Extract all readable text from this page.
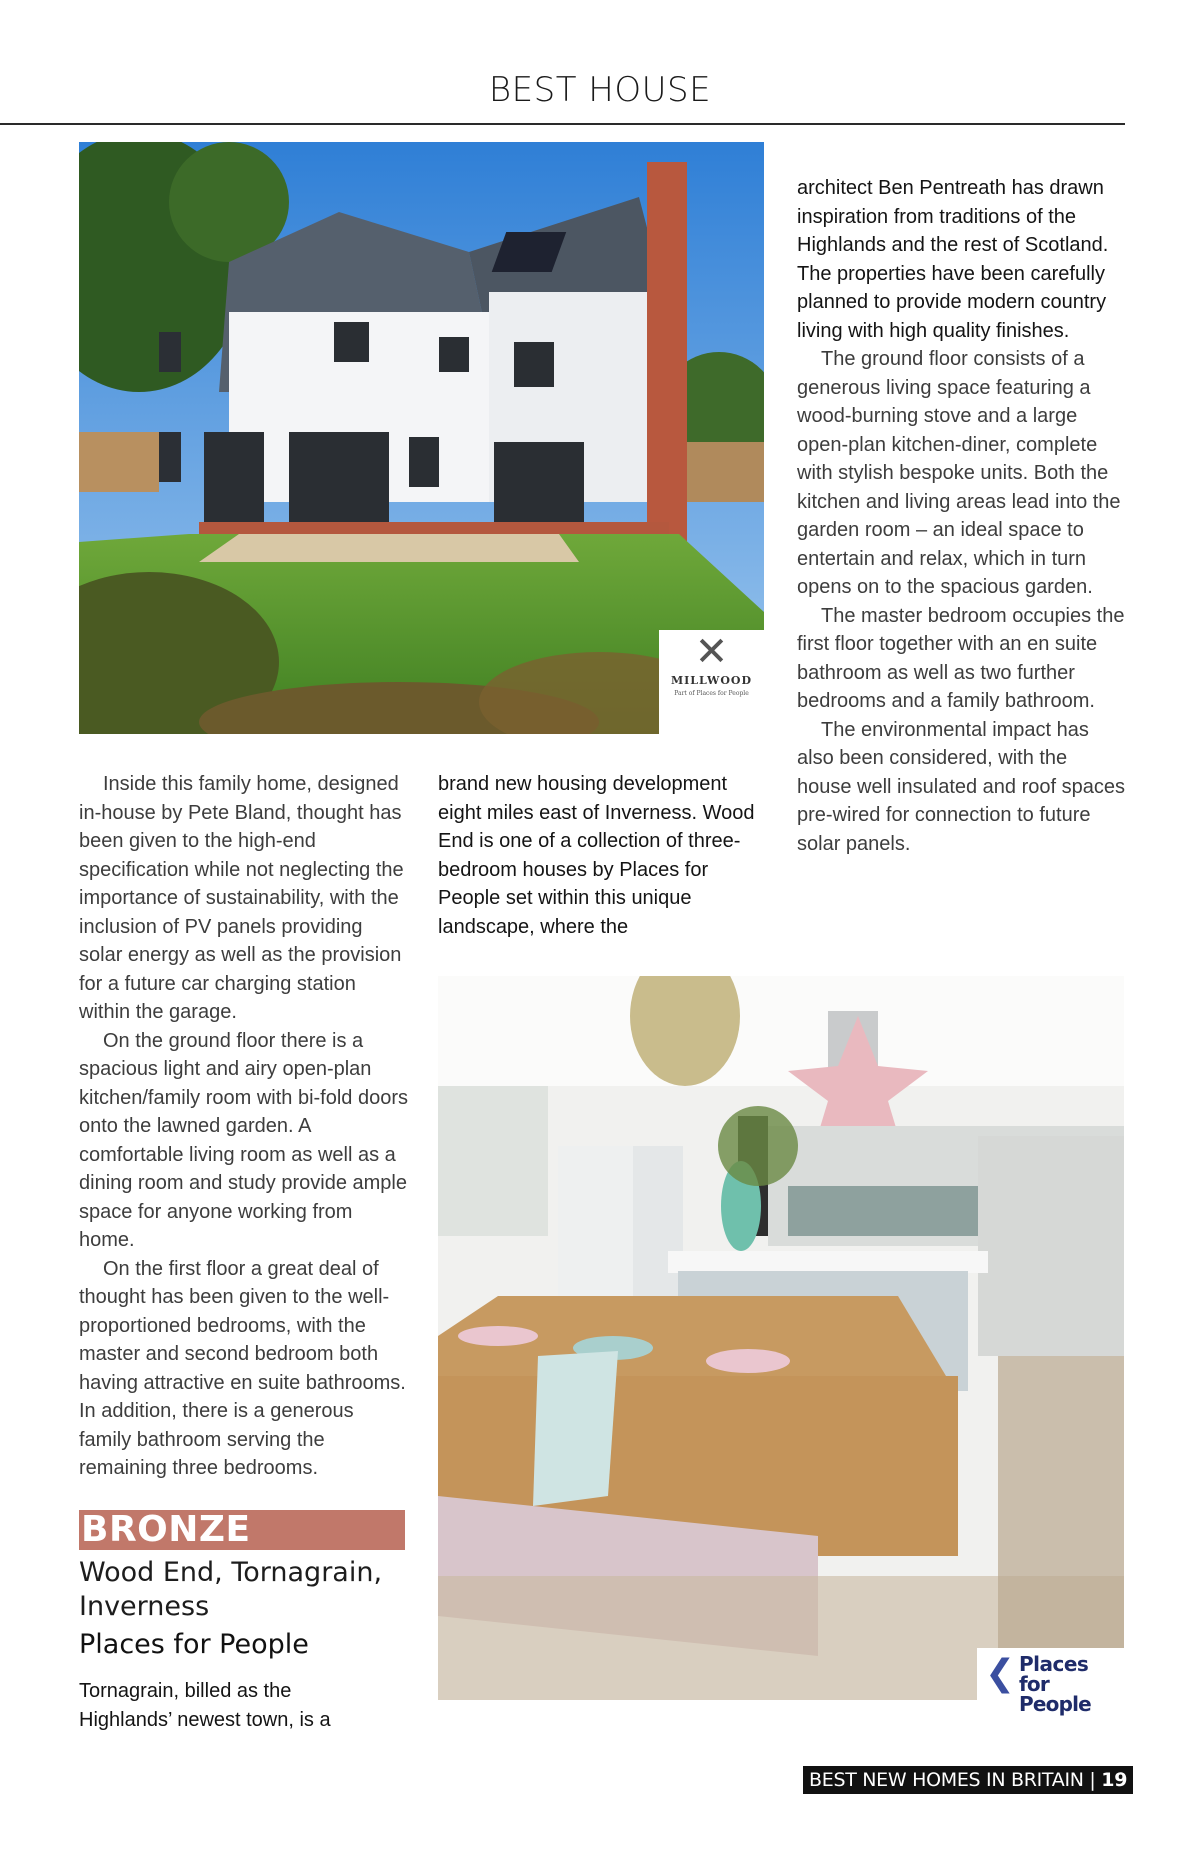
BEST HOUSE
✕
MILLWOOD
Part of Places for People

Inside this family home, designed in-house by Pete Bland, thought has been given to the high-end specification while not neglecting the importance of sustainability, with the inclusion of PV panels providing solar energy as well as the provision for a future car charging station within the garage.

On the ground floor there is a spacious light and airy open-plan kitchen/family room with bi-fold doors onto the lawned garden. A comfortable living room as well as a dining room and study provide ample space for anyone working from home.

On the first floor a great deal of thought has been given to the well-proportioned bedrooms, with the master and second bedroom both having attractive en suite bathrooms. In addition, there is a generous family bathroom serving the remaining three bedrooms.

BRONZE
Wood End, Tornagrain, Inverness
Places for People

Tornagrain, billed as the Highlands’ newest town, is a

brand new housing development eight miles east of Inverness. Wood End is one of a collection of three-bedroom houses by Places for People set within this unique landscape, where the

architect Ben Pentreath has drawn inspiration from traditions of the Highlands and the rest of Scotland. The properties have been carefully planned to provide modern country living with high quality finishes.

The ground floor consists of a generous living space featuring a wood-burning stove and a large open-plan kitchen-diner, complete with stylish bespoke units. Both the kitchen and living areas lead into the garden room – an ideal space to entertain and relax, which in turn opens on to the spacious garden.

The master bedroom occupies the first floor together with an en suite bathroom as well as two further bedrooms and a family bathroom.

The environmental impact has also been considered, with the house well insulated and roof spaces pre-wired for connection to future solar panels.

❮ Places
for People
BEST NEW HOMES IN BRITAIN | 19
